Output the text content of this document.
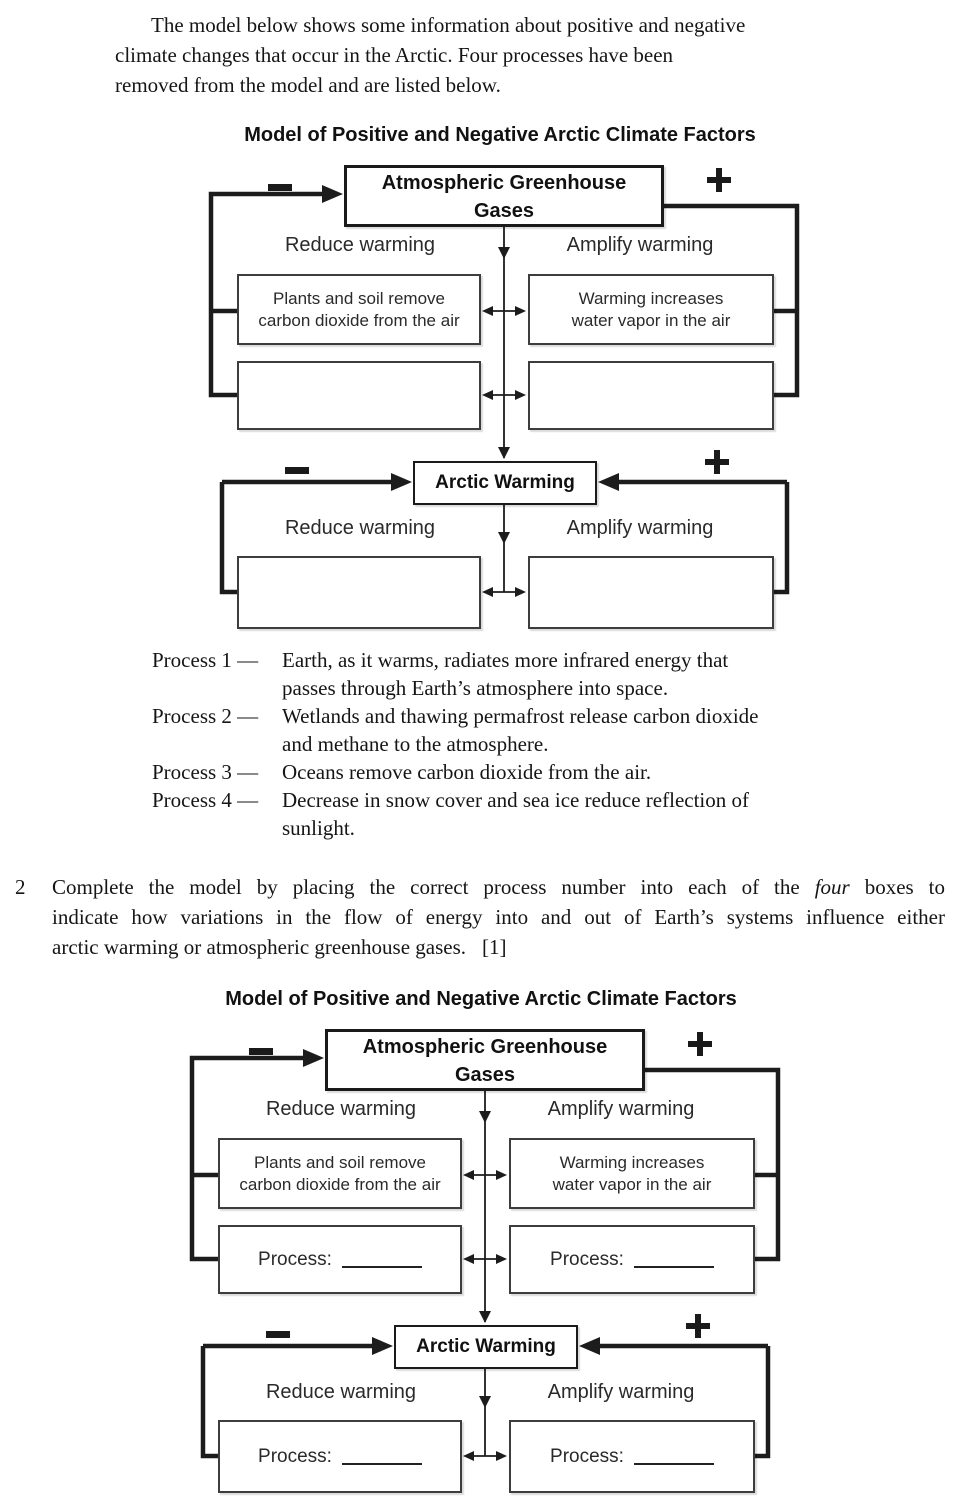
The model below shows some information about positive and negative
climate changes that occur in the Arctic. Four processes have been
removed from the model and are listed below.
Model of Positive and Negative Arctic Climate Factors
Atmospheric Greenhouse
Gases
Reduce warming	Amplify warming
Plants and soil remove
carbon dioxide from the air
Warming increases
water vapor in the air
Arctic Warming
Reduce warming	Amplify warming
Process 1 — Earth, as it warms, radiates more infrared energy that
passes through Earth’s atmosphere into space.
Process 2 — Wetlands and thawing permafrost release carbon dioxide
and methane to the atmosphere.
Process 3 — Oceans remove carbon dioxide from the air.
Process 4 — Decrease in snow cover and sea ice reduce reflection of
sunlight.
2 Complete the model by placing the correct process number into each of the four boxes to
indicate how variations in the flow of energy into and out of Earth’s systems influence either
arctic warming or atmospheric greenhouse gases. [1]
Model of Positive and Negative Arctic Climate Factors
Atmospheric Greenhouse
Gases
Reduce warming	Amplify warming
Plants and soil remove
carbon dioxide from the air
Warming increases
water vapor in the air
Process:	Process:
Arctic Warming
Reduce warming	Amplify warming
Process:	Process:
